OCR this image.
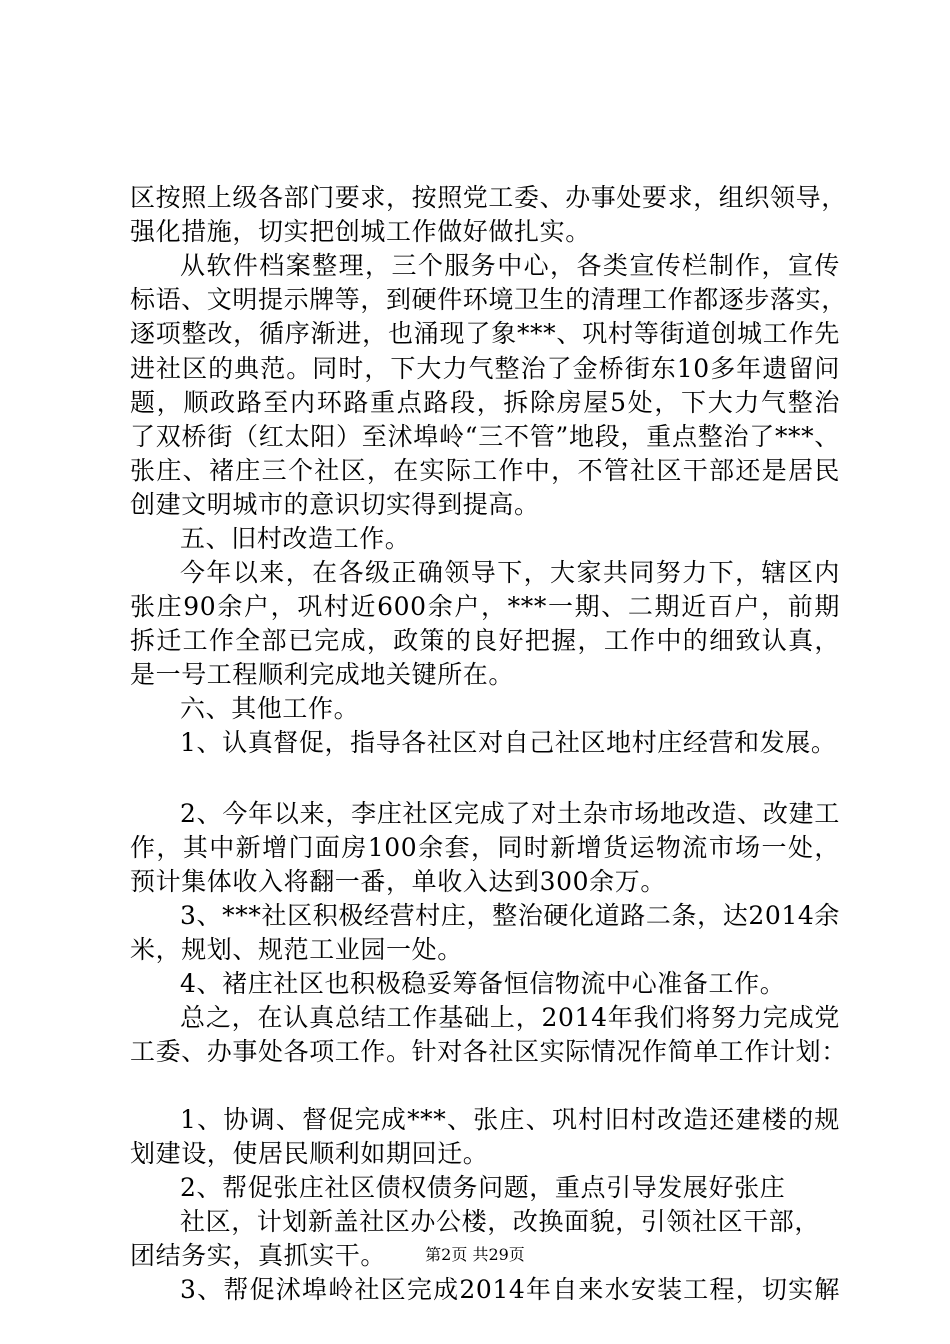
区按照上级各部门要求，按照党工委、办事处要求，组织领导，
强化措施，切实把创城工作做好做扎实。
从软件档案整理，三个服务中心，各类宣传栏制作，宣传
标语、文明提示牌等，到硬件环境卫生的清理工作都逐步落实，
逐项整改，循序渐进，也涌现了象***、巩村等街道创城工作先
进社区的典范。同时，下大力气整治了金桥街东10多年遗留问
题，顺政路至内环路重点路段，拆除房屋5处，下大力气整治
了双桥街（红太阳）至沭埠岭“三不管”地段，重点整治了***、
张庄、褚庄三个社区，在实际工作中，不管社区干部还是居民
创建文明城市的意识切实得到提高。
五、旧村改造工作。
今年以来，在各级正确领导下，大家共同努力下，辖区内
张庄90余户，巩村近600余户，***一期、二期近百户，前期
拆迁工作全部已完成，政策的良好把握，工作中的细致认真，
是一号工程顺利完成地关键所在。
六、其他工作。
1、认真督促，指导各社区对自己社区地村庄经营和发展。
2、今年以来，李庄社区完成了对土杂市场地改造、改建工
作，其中新增门面房100余套，同时新增货运物流市场一处，
预计集体收入将翻一番，单收入达到300余万。
3、***社区积极经营村庄，整治硬化道路二条，达2014余
米，规划、规范工业园一处。
4、褚庄社区也积极稳妥筹备恒信物流中心准备工作。
总之，在认真总结工作基础上，2014年我们将努力完成党
工委、办事处各项工作。针对各社区实际情况作简单工作计划：
1、协调、督促完成***、张庄、巩村旧村改造还建楼的规
划建设，使居民顺利如期回迁。
2、帮促张庄社区债权债务问题，重点引导发展好张庄
社区，计划新盖社区办公楼，改换面貌，引领社区干部，
团结务实，真抓实干。
3、帮促沭埠岭社区完成2014年自来水安装工程，切实解
第2页 共29页
